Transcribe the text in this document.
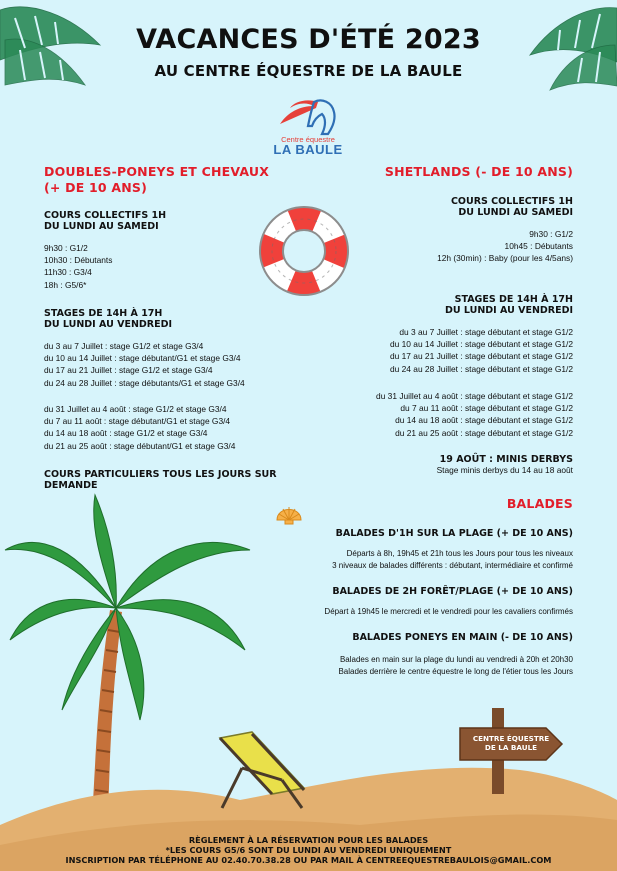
VACANCES D'ÉTÉ 2023
AU CENTRE ÉQUESTRE DE LA BAULE
Centre équestre
LA BAULE
DOUBLES-PONEYS ET CHEVAUX
(+ DE 10 ANS)
COURS COLLECTIFS 1H
DU LUNDI AU SAMEDI
9h30 : G1/2
10h30 : Débutants
11h30 : G3/4
18h : G5/6*
STAGES DE 14H À 17H
DU LUNDI AU VENDREDI
du 3 au 7 Juillet : stage G1/2 et stage G3/4
du 10 au 14 Juillet : stage débutant/G1 et stage G3/4
du 17 au 21 Juillet : stage G1/2 et stage G3/4
du 24 au 28 Juillet : stage débutants/G1 et stage G3/4
du 31 Juillet au 4 août : stage G1/2 et stage G3/4
du 7 au 11 août : stage débutant/G1 et stage G3/4
du 14 au 18 août : stage G1/2 et stage G3/4
du 21 au 25 août : stage débutant/G1 et stage G3/4
COURS PARTICULIERS TOUS LES JOURS SUR
DEMANDE
SHETLANDS (- DE 10 ANS)
COURS COLLECTIFS 1H
DU LUNDI AU SAMEDI
9h30 : G1/2
10h45 : Débutants
12h (30min) : Baby (pour les 4/5ans)
STAGES DE 14H À 17H
DU LUNDI AU VENDREDI
du 3 au 7 Juillet : stage débutant et stage G1/2
du 10 au 14 Juillet : stage débutant et stage G1/2
du 17 au 21 Juillet : stage débutant et stage G1/2
du 24 au 28 Juillet : stage débutant et stage G1/2
du 31 Juillet au 4 août : stage débutant et stage G1/2
du 7 au 11 août : stage débutant et stage G1/2
du 14 au 18 août : stage débutant et stage G1/2
du 21 au 25 août : stage débutant et stage G1/2
19 AOÛT : MINIS DERBYS
Stage minis derbys du 14 au 18 août
BALADES
BALADES D'1H SUR LA PLAGE (+ DE 10 ANS)
Départs à 8h, 19h45 et 21h tous les Jours pour tous les niveaux
3 niveaux de balades différents : débutant, intermédiaire et confirmé
BALADES DE 2H FORÊT/PLAGE (+ DE 10 ANS)
Départ à 19h45 le mercredi et le vendredi pour les cavaliers confirmés
BALADES PONEYS EN MAIN (- DE 10 ANS)
Balades en main sur la plage du lundi au vendredi à 20h et 20h30
Balades derrière le centre équestre le long de l'étier tous les Jours
CENTRE ÉQUESTRE
DE LA BAULE
RÈGLEMENT À LA RÉSERVATION POUR LES BALADES
*LES COURS G5/6 SONT DU LUNDI AU VENDREDI UNIQUEMENT
INSCRIPTION PAR TÉLÉPHONE AU 02.40.70.38.28 OU PAR MAIL À CENTREEQUESTREBAULOIS@GMAIL.COM
